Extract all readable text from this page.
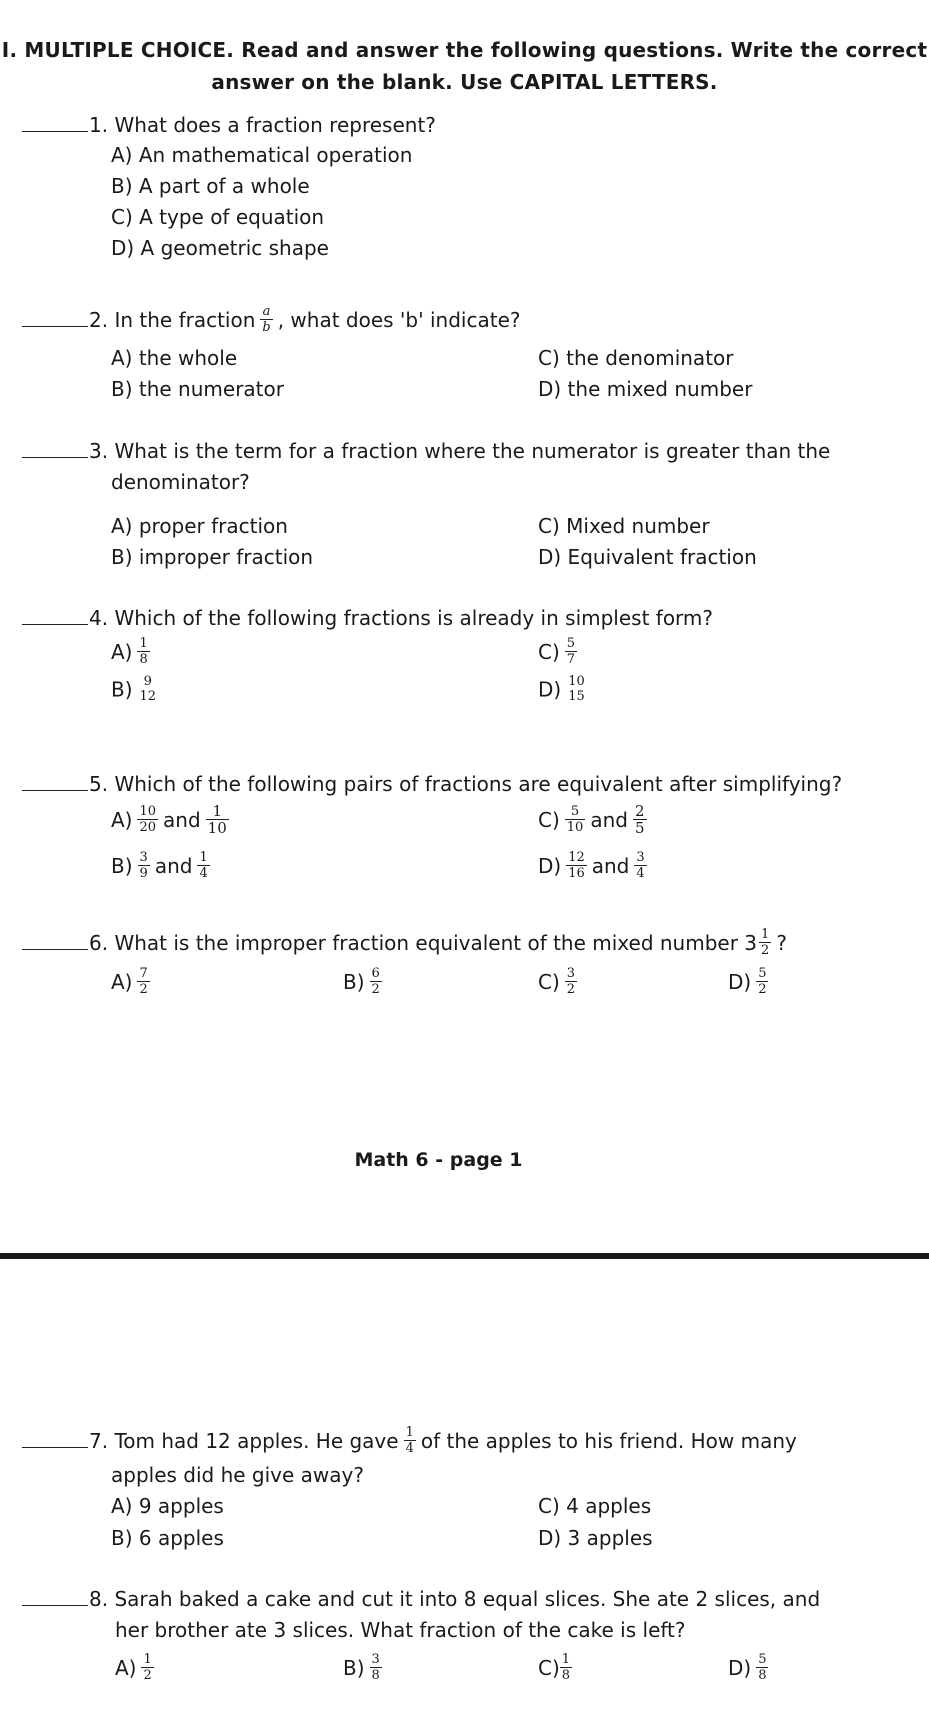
I. MULTIPLE CHOICE. Read and answer the following questions. Write the correct
answer on the blank. Use CAPITAL LETTERS.
1. What does a fraction represent?
A) An mathematical operation
B) A part of a whole
C) A type of equation
D) A geometric shape
2. In the fraction $\frac{a}{b}$ , what does 'b' indicate?
A) the whole
B) the numerator
C) the denominator
D) the mixed number
3. What is the term for a fraction where the numerator is greater than the
denominator?
A) proper fraction
B) improper fraction
C) Mixed number
D) Equivalent fraction
4. Which of the following fractions is already in simplest form?
$A) \frac{1}{8}$
B) 9
12
$C) \frac{5}{7}$
D) 10
15
5. Which of the following pairs of fractions are equivalent after simplifying?
$A) \frac{10}{20}$ and $\frac{1}{10}$
$B) \frac{3}{9}$ and $\frac{1}{4}$
$C) \frac{5}{10}$ and $\frac{2}{5}$
$D) \frac{12}{16}$ and $\frac{3}{4}$
6. What is the improper fraction equivalent of the mixed number $3 \frac{1}{2}$ ?
$A) \frac{7}{2}$	$B) \frac{6}{2}$	$C) \frac{3}{2}$	$D) \frac{5}{2}$
Math 6 - page 1
7. Tom had 12 apples. He gave $\frac{1}{4}$ of the apples to his friend. How many
apples did he give away?
A) 9 apples
B) 6 apples
C) 4 apples
D) 3 apples
8. Sarah baked a cake and cut it into 8 equal slices. She ate 2 slices, and
her brother ate 3 slices. What fraction of the cake is left?
$A) \frac{1}{2}$	$B) \frac{3}{8}$	$C) \frac{1}{8}$	$D) \frac{5}{8}$
